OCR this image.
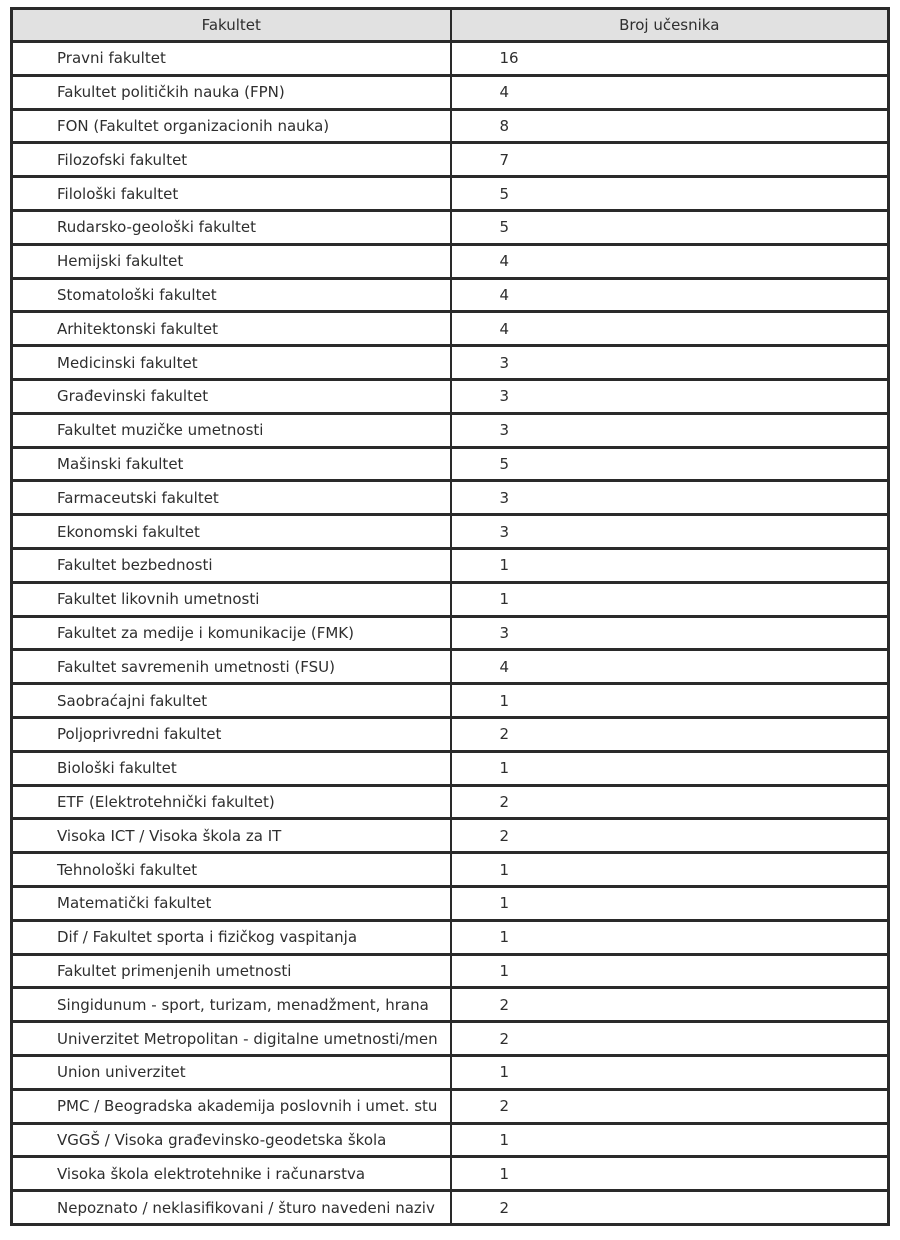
Fakultet	Broj učesnika
Pravni fakultet	16
Fakultet političkih nauka (FPN)	4
FON (Fakultet organizacionih nauka)	8
Filozofski fakultet	7
Filološki fakultet	5
Rudarsko-geološki fakultet	5
Hemijski fakultet	4
Stomatološki fakultet	4
Arhitektonski fakultet	4
Medicinski fakultet	3
Građevinski fakultet	3
Fakultet muzičke umetnosti	3
Mašinski fakultet	5
Farmaceutski fakultet	3
Ekonomski fakultet	3
Fakultet bezbednosti	1
Fakultet likovnih umetnosti	1
Fakultet za medije i komunikacije (FMK)	3
Fakultet savremenih umetnosti (FSU)	4
Saobraćajni fakultet	1
Poljoprivredni fakultet	2
Biološki fakultet	1
ETF (Elektrotehnički fakultet)	2
Visoka ICT / Visoka škola za IT	2
Tehnološki fakultet	1
Matematički fakultet	1
Dif / Fakultet sporta i fizičkog vaspitanja	1
Fakultet primenjenih umetnosti	1
Singidunum - sport, turizam, menadžment, hrana	2
Univerzitet Metropolitan - digitalne umetnosti/men	2
Union univerzitet	1
PMC / Beogradska akademija poslovnih i umet. stu	2
VGGŠ / Visoka građevinsko-geodetska škola	1
Visoka škola elektrotehnike i računarstva	1
Nepoznato / neklasifikovani / šturo navedeni naziv	2
